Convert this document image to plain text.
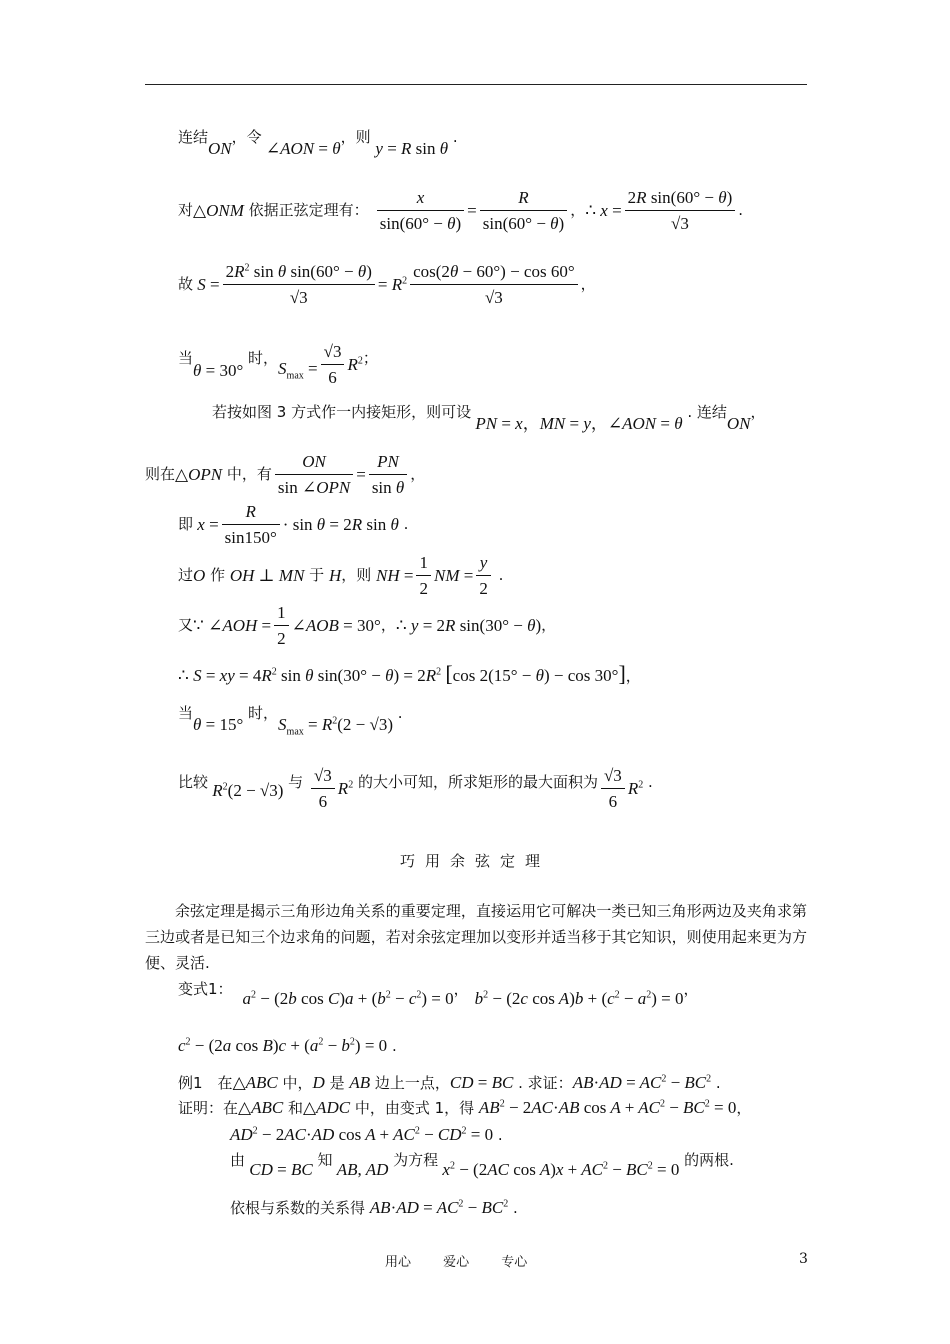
连结ON，令 ∠AON = θ，则 y = R sin θ .
对△ONM 依据正弦定理有： $\frac{x}{\sin(60^\circ - \theta)} = \frac{R}{\sin(60^\circ - \theta)}$ ，∴ $x = \frac{\text{2R sin(60° − θ)}}{√3}$ .
故 $S = \frac{2R^2 \sin \theta \sin(60^\circ - \theta)}{√3} = R^2 \frac{\cos(2\theta - 60^\circ) - \cos 60^\circ}{√3}$ ，
当θ = 30° 时，$S_{max} = \frac{√3}{6} R^2$；
若按如图 3 方式作一内接矩形，则可设 PN = x，MN = y，∠AON = θ . 连结ON，
则在△OPN 中，有 $\frac{ON}{\text{sin ∠OPN}} = \frac{PN}{\text{sin θ}}$ ，
即 $x = \frac{R}{\sin 150^\circ} \cdot \sin \theta = 2R$ sin θ .
过O 作 OH ⊥ MN 于 H，则 NH = $\frac{1}{2}$ NM = $\frac{y}{2}$ .
又∵ ∠AOH = $\frac{1}{2}$ ∠AOB = 30°，∴ y = 2R sin(30° − θ)，
∴ S = xy = $4R^2$ sin θ $\sin(30^\circ - \theta) = 2R^2$ [cos 2(15° − θ) − cos 30°]，
当θ = 15° 时，$S_{max} = R^2(2 - √3)$ .
比较 $R^2(2 - √3)$ 与 $\frac{√3}{6} R^2$ 的大小可知，所求矩形的最大面积为 $\frac{√3}{6} R^2$ .
巧用余弦定理
余弦定理是揭示三角形边角关系的重要定理，直接运用它可解决一类已知三角形两边及夹角求第三边或者是已知三个边求角的问题，若对余弦定理加以变形并适当移于其它知识，则使用起来更为方便、灵活.
变式1： $a^2 - (2b$ $\cos C)a + (b^2 - c^2) = 0$， $b^2 - (2c$ $\cos A)b + (c^2 - a^2) = 0$，
$c^2 - (2a$ $\cos B)c + (a^2 - b^2) = 0$ .
例1　在△ABC 中，D 是 AB 边上一点，CD = BC . 求证：$AB\cdot AD = AC^2 - BC^2$ .
证明：在△ABC 和△ADC 中，由变式 1，得 $AB^2 - 2AC\cdot AB$ $\cos A + AC^2 - BC^2 = 0$，
$AD^2 - 2AC\cdot AD$ $\cos A + AC^2 - CD^2 = 0$ .
由 CD = BC 知 AB, AD 为方程 $x^2 - (2AC$ $\cos A)x + AC^2 - BC^2 = 0$ 的两根.
依根与系数的关系得 $AB\cdot AD = AC^2 - BC^2$ .
用心 爱心 专心	3
